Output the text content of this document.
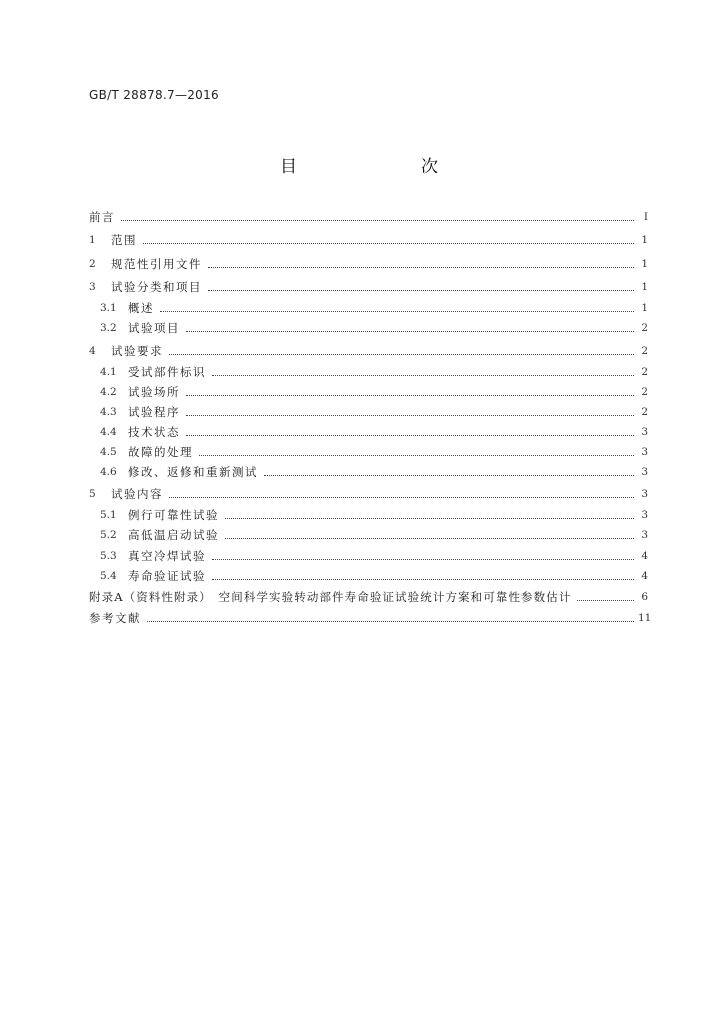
GB/T 28878.7—2016
目　　次
前言	Ⅰ
1	范围	1
2	规范性引用文件	1
3	试验分类和项目	1
3.1 概述	1
3.2 试验项目	2
4	试验要求	2
4.1 受试部件标识	2
4.2 试验场所	2
4.3 试验程序	2
4.4 技术状态	3
4.5 故障的处理	3
4.6 修改、返修和重新测试	3
5	试验内容	3
5.1 例行可靠性试验	3
5.2 高低温启动试验	3
5.3 真空冷焊试验	4
5.4 寿命验证试验	4
附录A（资料性附录）　空间科学实验转动部件寿命验证试验统计方案和可靠性参数估计	6
参考文献	11
